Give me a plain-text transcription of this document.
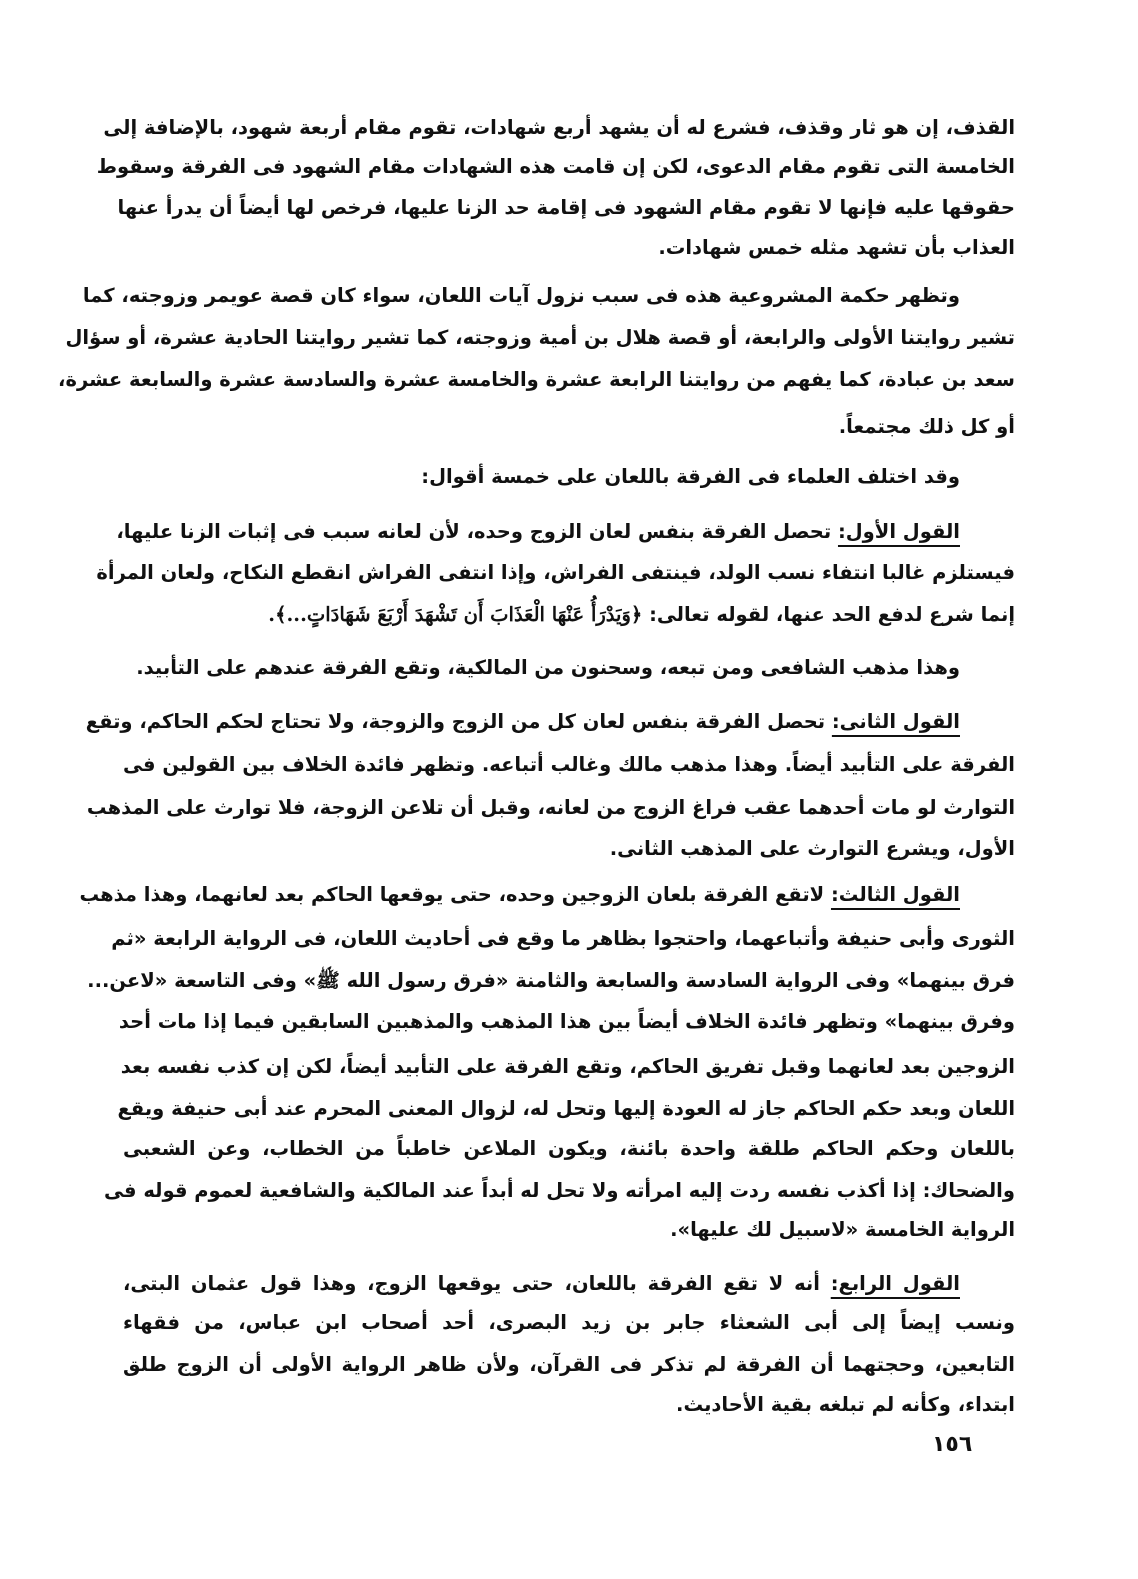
القذف، إن هو ثار وقذف، فشرع له أن يشهد أربع شهادات، تقوم مقام أربعة شهود، بالإضافة إلى
الخامسة التى تقوم مقام الدعوى، لكن إن قامت هذه الشهادات مقام الشهود فى الفرقة وسقوط
حقوقها عليه فإنها لا تقوم مقام الشهود فى إقامة حد الزنا عليها، فرخص لها أيضاً أن يدرأ عنها
العذاب بأن تشهد مثله خمس شهادات.
وتظهر حكمة المشروعية هذه فى سبب نزول آيات اللعان، سواء كان قصة عويمر وزوجته، كما
تشير روايتنا الأولى والرابعة، أو قصة هلال بن أمية وزوجته، كما تشير روايتنا الحادية عشرة، أو سؤال
سعد بن عبادة، كما يفهم من روايتنا الرابعة عشرة والخامسة عشرة والسادسة عشرة والسابعة عشرة،
أو كل ذلك مجتمعاً.
وقد اختلف العلماء فى الفرقة باللعان على خمسة أقوال:
القول الأول: تحصل الفرقة بنفس لعان الزوج وحده، لأن لعانه سبب فى إثبات الزنا عليها،
فيستلزم غالبا انتفاء نسب الولد، فينتفى الفراش، وإذا انتفى الفراش انقطع النكاح، ولعان المرأة
إنما شرع لدفع الحد عنها، لقوله تعالى: ﴿وَيَدْرَأُ عَنْهَا الْعَذَابَ أَن تَشْهَدَ أَرْبَعَ شَهَادَاتٍ...﴾.
وهذا مذهب الشافعى ومن تبعه، وسحنون من المالكية، وتقع الفرقة عندهم على التأبيد.
القول الثانى: تحصل الفرقة بنفس لعان كل من الزوج والزوجة، ولا تحتاج لحكم الحاكم، وتقع
الفرقة على التأبيد أيضاً. وهذا مذهب مالك وغالب أتباعه. وتظهر فائدة الخلاف بين القولين فى
التوارث لو مات أحدهما عقب فراغ الزوج من لعانه، وقبل أن تلاعن الزوجة، فلا توارث على المذهب
الأول، ويشرع التوارث على المذهب الثانى.
القول الثالث: لاتقع الفرقة بلعان الزوجين وحده، حتى يوقعها الحاكم بعد لعانهما، وهذا مذهب
الثورى وأبى حنيفة وأتباعهما، واحتجوا بظاهر ما وقع فى أحاديث اللعان، فى الرواية الرابعة «ثم
فرق بينهما» وفى الرواية السادسة والسابعة والثامنة «فرق رسول الله ﷺ» وفى التاسعة «لاعن...
وفرق بينهما» وتظهر فائدة الخلاف أيضاً بين هذا المذهب والمذهبين السابقين فيما إذا مات أحد
الزوجين بعد لعانهما وقبل تفريق الحاكم، وتقع الفرقة على التأبيد أيضاً، لكن إن كذب نفسه بعد
اللعان وبعد حكم الحاكم جاز له العودة إليها وتحل له، لزوال المعنى المحرم عند أبى حنيفة ويقع
باللعان وحكم الحاكم طلقة واحدة بائنة، ويكون الملاعن خاطباً من الخطاب، وعن الشعبى
والضحاك: إذا أكذب نفسه ردت إليه امرأته ولا تحل له أبداً عند المالكية والشافعية لعموم قوله فى
الرواية الخامسة «لاسبيل لك عليها».
القول الرابع: أنه لا تقع الفرقة باللعان، حتى يوقعها الزوج، وهذا قول عثمان البتى،
ونسب إيضاً إلى أبى الشعثاء جابر بن زيد البصرى، أحد أصحاب ابن عباس، من فقهاء
التابعين، وحجتهما أن الفرقة لم تذكر فى القرآن، ولأن ظاهر الرواية الأولى أن الزوج طلق
ابتداء، وكأنه لم تبلغه بقية الأحاديث.
١٥٦
